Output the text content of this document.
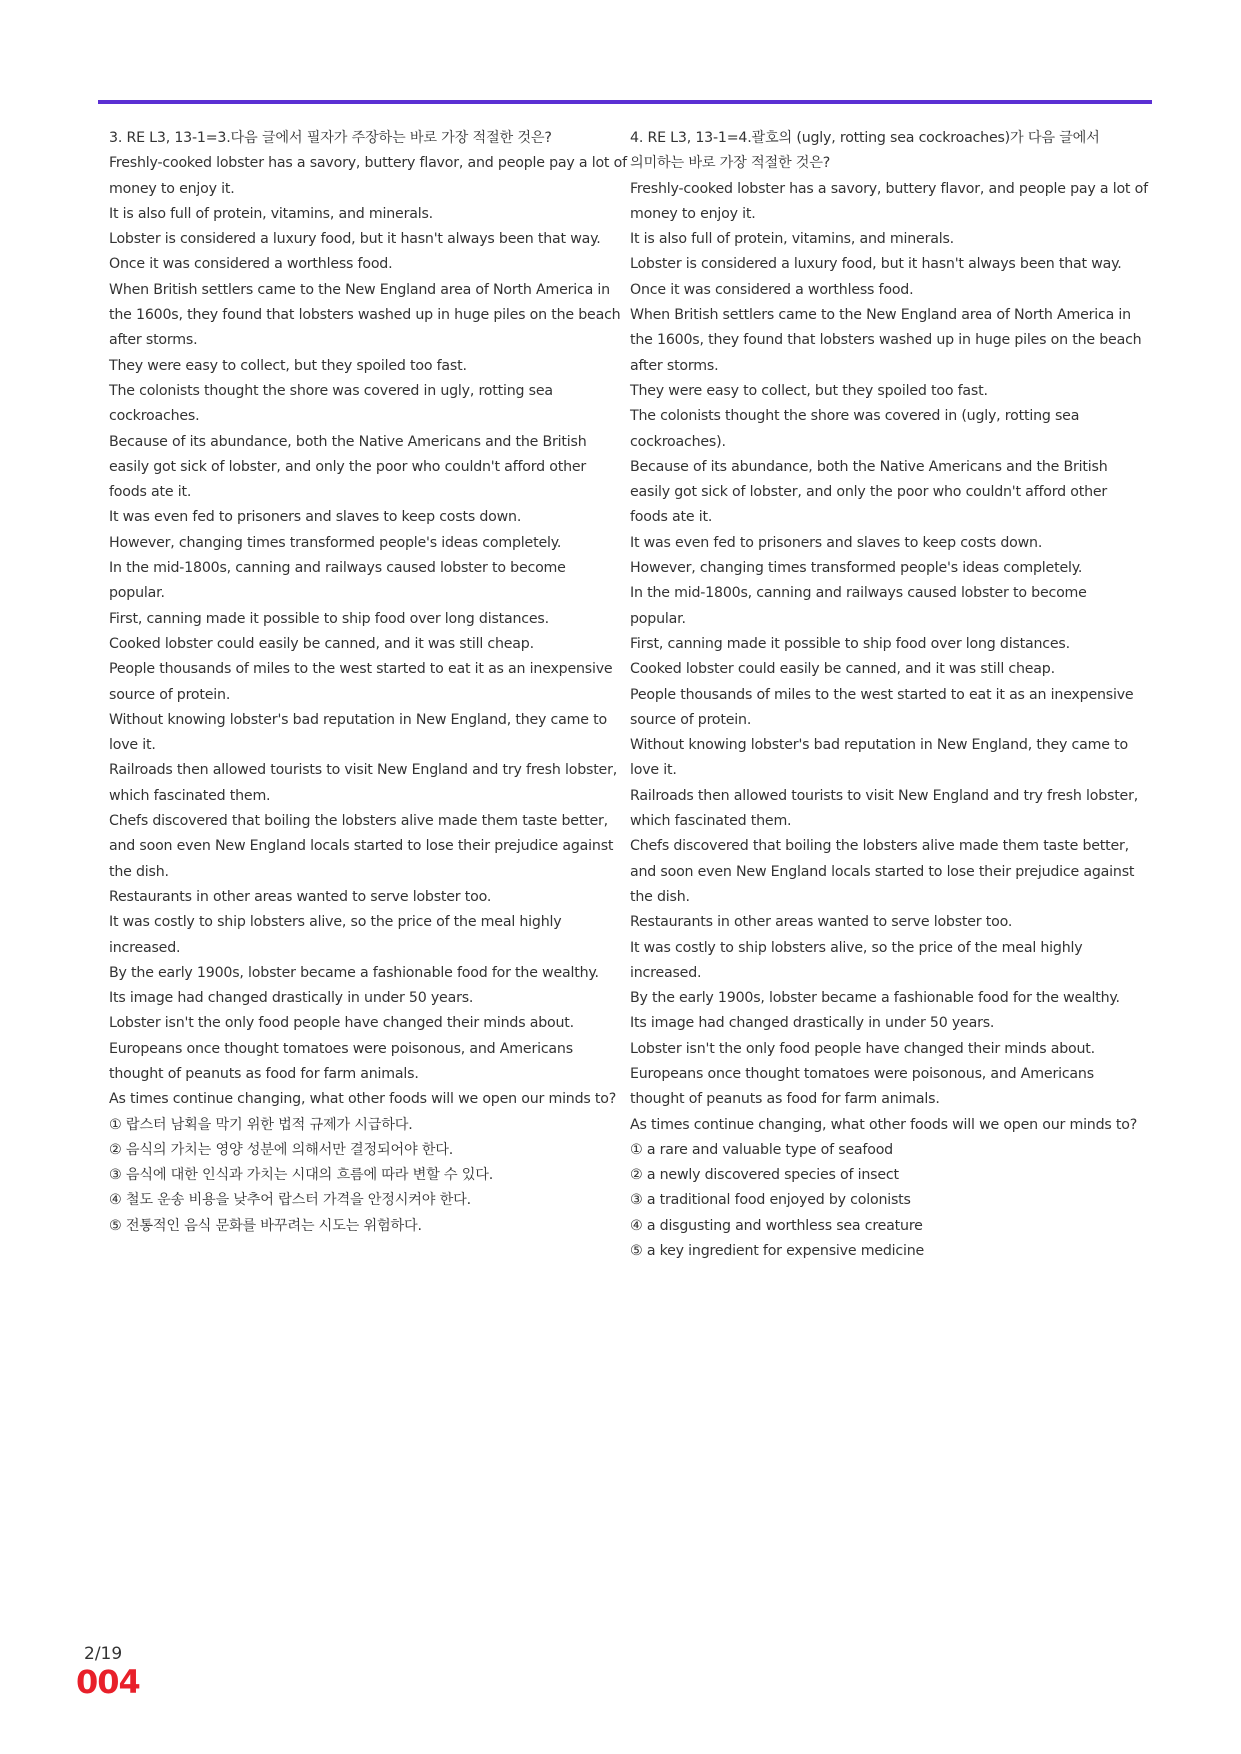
3. RE L3, 13-1=3.다음 글에서 필자가 주장하는 바로 가장 적절한 것은?
Freshly-cooked lobster has a savory, buttery flavor, and people pay a lot of
money to enjoy it.
It is also full of protein, vitamins, and minerals.
Lobster is considered a luxury food, but it hasn't always been that way.
Once it was considered a worthless food.
When British settlers came to the New England area of North America in
the 1600s, they found that lobsters washed up in huge piles on the beach
after storms.
They were easy to collect, but they spoiled too fast.
The colonists thought the shore was covered in ugly, rotting sea
cockroaches.
Because of its abundance, both the Native Americans and the British
easily got sick of lobster, and only the poor who couldn't afford other
foods ate it.
It was even fed to prisoners and slaves to keep costs down.
However, changing times transformed people's ideas completely.
In the mid-1800s, canning and railways caused lobster to become
popular.
First, canning made it possible to ship food over long distances.
Cooked lobster could easily be canned, and it was still cheap.
People thousands of miles to the west started to eat it as an inexpensive
source of protein.
Without knowing lobster's bad reputation in New England, they came to
love it.
Railroads then allowed tourists to visit New England and try fresh lobster,
which fascinated them.
Chefs discovered that boiling the lobsters alive made them taste better,
and soon even New England locals started to lose their prejudice against
the dish.
Restaurants in other areas wanted to serve lobster too.
It was costly to ship lobsters alive, so the price of the meal highly
increased.
By the early 1900s, lobster became a fashionable food for the wealthy.
Its image had changed drastically in under 50 years.
Lobster isn't the only food people have changed their minds about.
Europeans once thought tomatoes were poisonous, and Americans
thought of peanuts as food for farm animals.
As times continue changing, what other foods will we open our minds to?
① 랍스터 남획을 막기 위한 법적 규제가 시급하다.
② 음식의 가치는 영양 성분에 의해서만 결정되어야 한다.
③ 음식에 대한 인식과 가치는 시대의 흐름에 따라 변할 수 있다.
④ 철도 운송 비용을 낮추어 랍스터 가격을 안정시켜야 한다.
⑤ 전통적인 음식 문화를 바꾸려는 시도는 위험하다.
4. RE L3, 13-1=4.괄호의 (ugly, rotting sea cockroaches)가 다음 글에서
의미하는 바로 가장 적절한 것은?
Freshly-cooked lobster has a savory, buttery flavor, and people pay a lot of
money to enjoy it.
It is also full of protein, vitamins, and minerals.
Lobster is considered a luxury food, but it hasn't always been that way.
Once it was considered a worthless food.
When British settlers came to the New England area of North America in
the 1600s, they found that lobsters washed up in huge piles on the beach
after storms.
They were easy to collect, but they spoiled too fast.
The colonists thought the shore was covered in (ugly, rotting sea
cockroaches).
Because of its abundance, both the Native Americans and the British
easily got sick of lobster, and only the poor who couldn't afford other
foods ate it.
It was even fed to prisoners and slaves to keep costs down.
However, changing times transformed people's ideas completely.
In the mid-1800s, canning and railways caused lobster to become
popular.
First, canning made it possible to ship food over long distances.
Cooked lobster could easily be canned, and it was still cheap.
People thousands of miles to the west started to eat it as an inexpensive
source of protein.
Without knowing lobster's bad reputation in New England, they came to
love it.
Railroads then allowed tourists to visit New England and try fresh lobster,
which fascinated them.
Chefs discovered that boiling the lobsters alive made them taste better,
and soon even New England locals started to lose their prejudice against
the dish.
Restaurants in other areas wanted to serve lobster too.
It was costly to ship lobsters alive, so the price of the meal highly
increased.
By the early 1900s, lobster became a fashionable food for the wealthy.
Its image had changed drastically in under 50 years.
Lobster isn't the only food people have changed their minds about.
Europeans once thought tomatoes were poisonous, and Americans
thought of peanuts as food for farm animals.
As times continue changing, what other foods will we open our minds to?
① a rare and valuable type of seafood
② a newly discovered species of insect
③ a traditional food enjoyed by colonists
④ a disgusting and worthless sea creature
⑤ a key ingredient for expensive medicine
2/19
004
